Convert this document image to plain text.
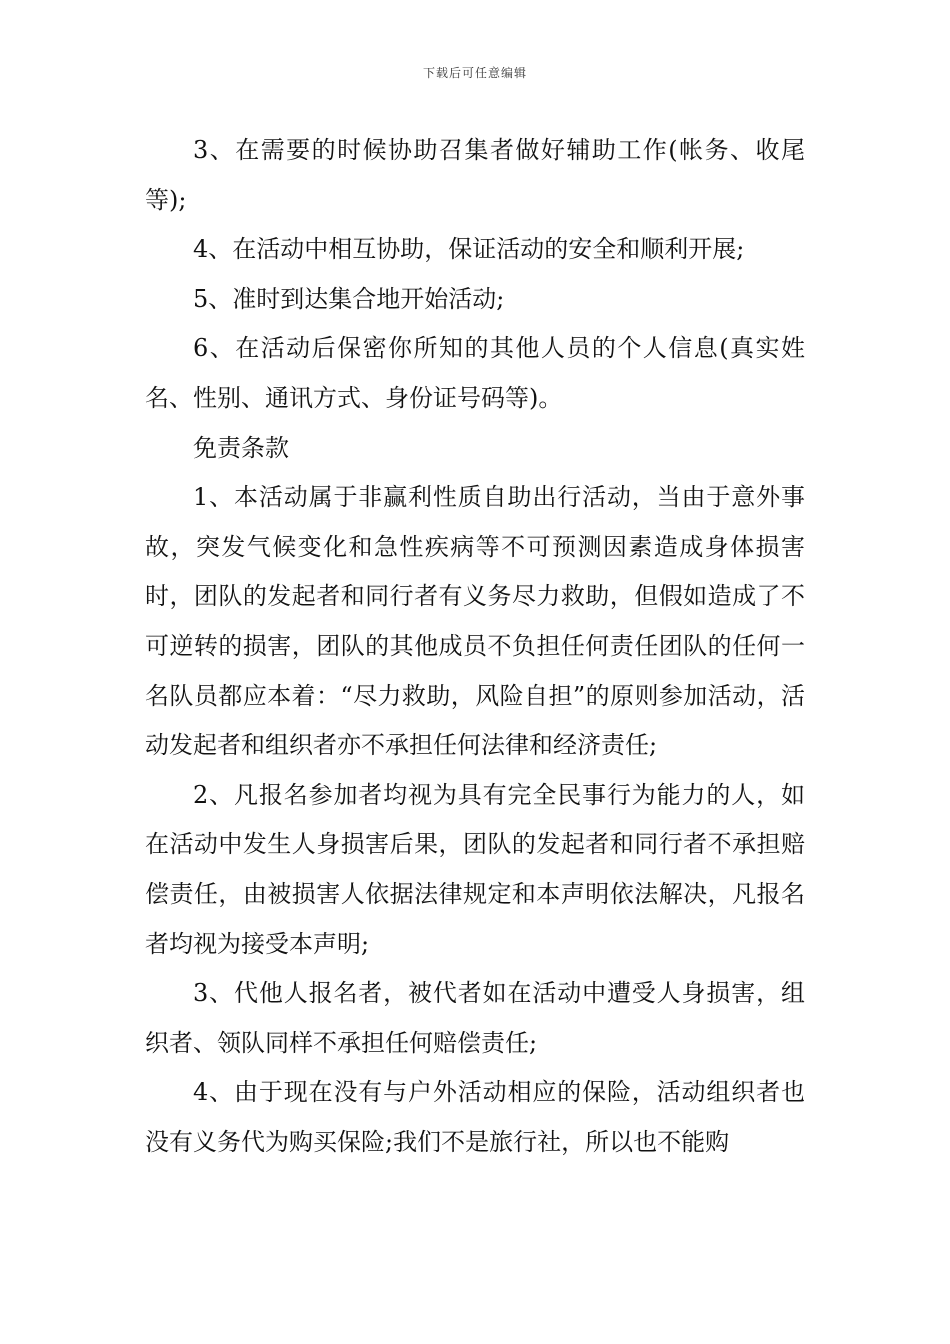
下载后可任意编辑

3、在需要的时候协助召集者做好辅助工作(帐务、收尾等);

4、在活动中相互协助，保证活动的安全和顺利开展;

5、准时到达集合地开始活动;

6、在活动后保密你所知的其他人员的个人信息(真实姓名、性别、通讯方式、身份证号码等)。

免责条款

1、本活动属于非赢利性质自助出行活动，当由于意外事故，突发气候变化和急性疾病等不可预测因素造成身体损害时，团队的发起者和同行者有义务尽力救助，但假如造成了不可逆转的损害，团队的其他成员不负担任何责任团队的任何一名队员都应本着：“尽力救助，风险自担”的原则参加活动，活动发起者和组织者亦不承担任何法律和经济责任;

2、凡报名参加者均视为具有完全民事行为能力的人，如在活动中发生人身损害后果，团队的发起者和同行者不承担赔偿责任，由被损害人依据法律规定和本声明依法解决，凡报名者均视为接受本声明;

3、代他人报名者，被代者如在活动中遭受人身损害，组织者、领队同样不承担任何赔偿责任;

4、由于现在没有与户外活动相应的保险，活动组织者也没有义务代为购买保险;我们不是旅行社，所以也不能购
